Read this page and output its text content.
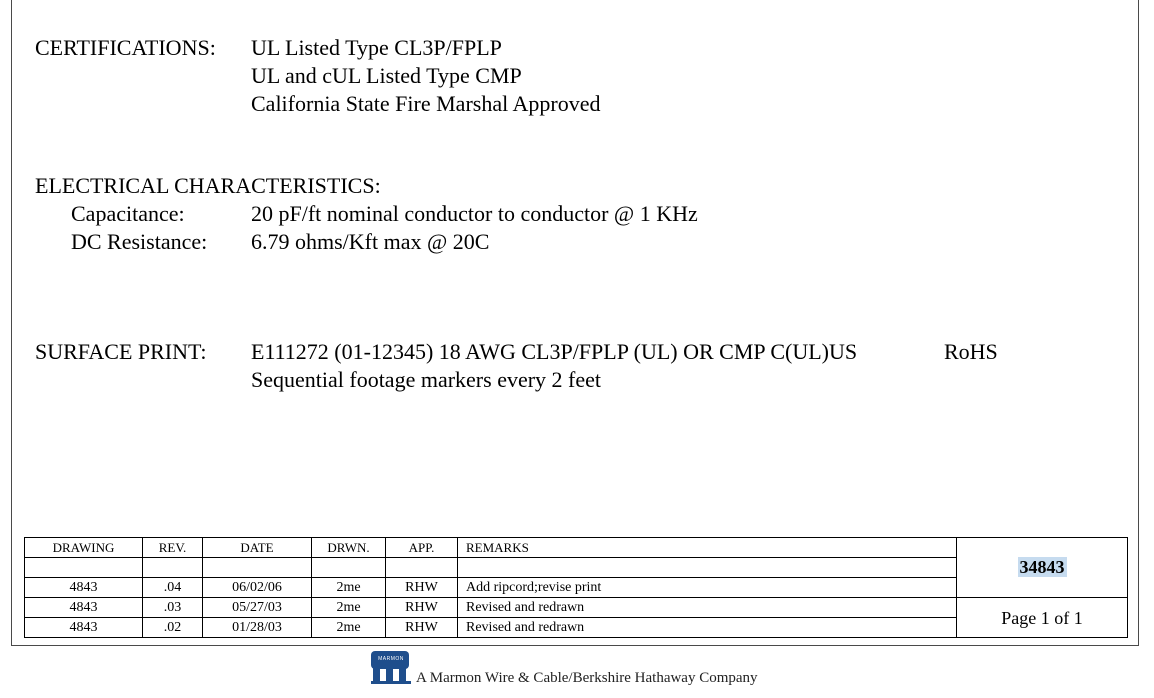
CERTIFICATIONS: UL Listed Type CL3P/FPLP
UL and cUL Listed Type CMP
California State Fire Marshal Approved
ELECTRICAL CHARACTERISTICS:
Capacitance:	20 pF/ft nominal conductor to conductor @ 1 KHz
DC Resistance: 6.79 ohms/Kft max @ 20C
SURFACE PRINT: E111272 (01-12345) 18 AWG CL3P/FPLP (UL) OR CMP C(UL)US	RoHS
Sequential footage markers every 2 feet
DRAWING	REV.	DATE	DRWN.	APP.	REMARKS	34843

4843	.04	06/02/06	2me	RHW	Add ripcord;revise print	
4843	.03	05/27/03	2me	RHW	Revised and redrawn	Page 1 of 1
4843	.02	01/28/03	2me	RHW	Revised and redrawn	
MARMON
A Marmon Wire & Cable/Berkshire Hathaway Company
